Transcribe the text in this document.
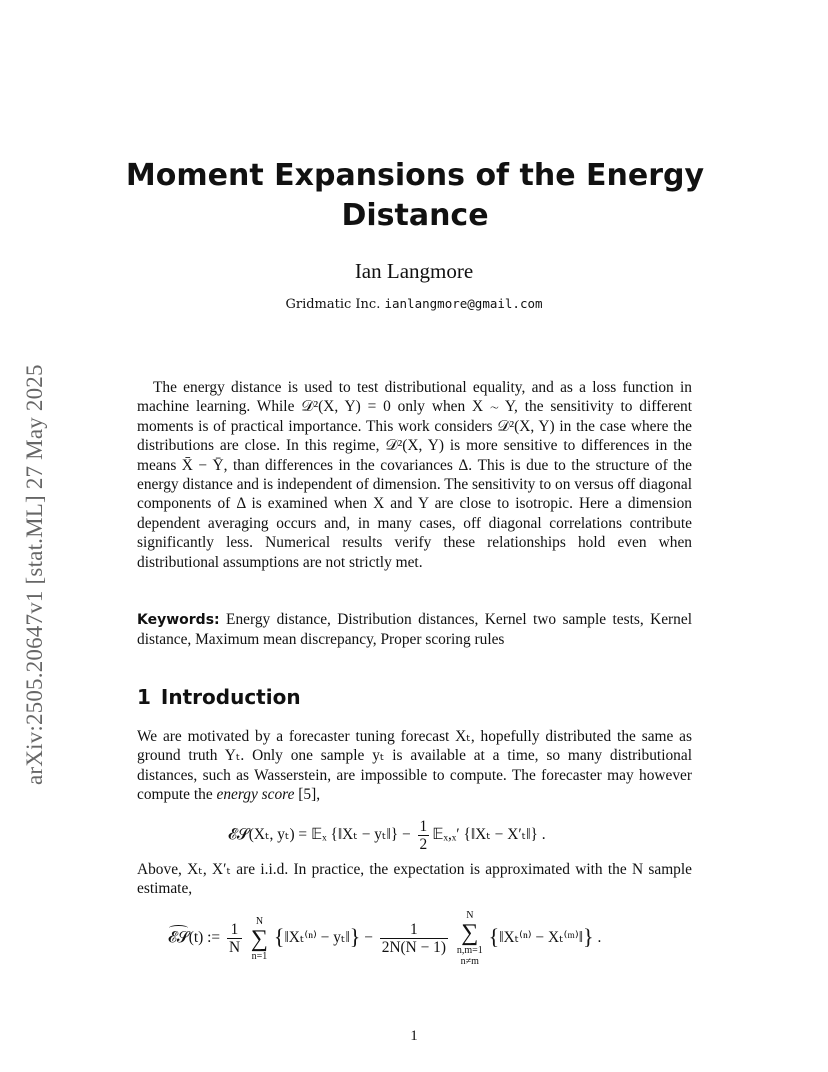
arXiv:2505.20647v1 [stat.ML] 27 May 2025
Moment Expansions of the Energy Distance
Ian Langmore
Gridmatic Inc. ianlangmore@gmail.com

The energy distance is used to test distributional equality, and as a loss function in machine learning. While 𝒟²(X, Y) = 0 only when X ∼ Y, the sensitivity to different moments is of practical importance. This work considers 𝒟²(X, Y) in the case where the distributions are close. In this regime, 𝒟²(X, Y) is more sensitive to differences in the means X̄ − Ȳ, than differences in the covariances Δ. This is due to the structure of the energy distance and is independent of dimension. The sensitivity to on versus off diagonal components of Δ is examined when X and Y are close to isotropic. Here a dimension dependent averaging occurs and, in many cases, off diagonal correlations contribute significantly less. Numerical results verify these relationships hold even when distributional assumptions are not strictly met.

Keywords: Energy distance, Distribution distances, Kernel two sample tests, Kernel distance, Maximum mean discrepancy, Proper scoring rules

1 Introduction

We are motivated by a forecaster tuning forecast Xₜ, hopefully distributed the same as ground truth Yₜ. Only one sample yₜ is available at a time, so many distributional distances, such as Wasserstein, are impossible to compute. The forecaster may however compute the energy score [5],

𝓔𝓢(Xₜ, yₜ) = 𝔼ₓ {‖Xₜ − yₜ‖} − $\frac{1}{2}$ 𝔼ₓ,ₓ′ {‖Xₜ − X′ₜ‖} .

Above, Xₜ, X′ₜ are i.i.d. In practice, the expectation is approximated with the N sample estimate,

𝓔𝓢(t) := $\frac{1}{N}$
	N
∑
n=1
{‖Xₜ⁽ⁿ⁾ − yₜ‖} − $\frac{1}{2N(N - 1)}$

N
∑
n,m=1
n≠m
{‖Xₜ⁽ⁿ⁾ − Xₜ⁽ᵐ⁾‖} .
1
